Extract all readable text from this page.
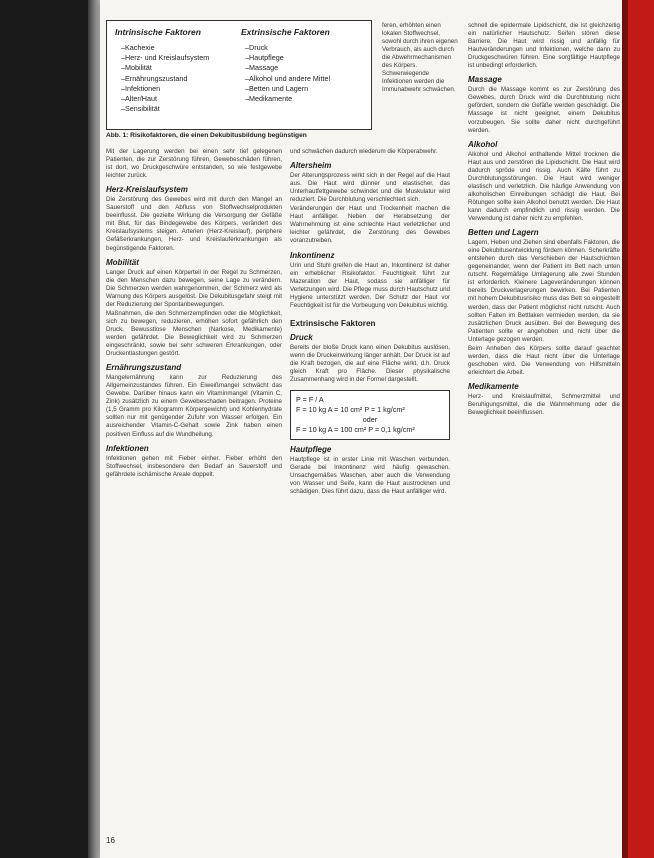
Intrinsische Faktoren
– Kachexie
– Herz- und Kreislaufsystem
– Mobilität
– Ernährungszustand
– Infektionen
– Alter/Haut
– Sensibilität
Extrinsische Faktoren
– Druck
– Hautpflege
– Massage
– Alkohol und andere Mittel
– Betten und Lagern
– Medikamente
Abb. 1: Risikofaktoren, die einen Dekubitusbildung begünstigen
feren, erhöhten einen lokalen Stoffwechsel, sowohl durch ihren eigenen Verbrauch, als auch durch die Abwehrmechanismen des Körpers. Schwerwiegende Infektionen werden die Immunabwehr schwächen.

Mit der Lagerung werden bei einen sehr tief gelegenen Patienten, die zur Zerstörung führen, Gewebeschäden führen, ist dort, wo Druckgeschwüre entstanden, so wie festgewebe leichter zurück.

Herz-Kreislaufsystem

Die Zerstörung des Gewebes wird mit durch den Mangel an Sauerstoff und den Abfluss von Stoffwechselprodukten beeinflusst. Die gezielte Wirkung die Versorgung der Gefäße mit Blut, für das Bindegewebe des Körpers, verändert des Kreislaufsystems steigen. Arterien (Herz-Kreislauf), periphere Gefäßerkrankungen, Herz- und Kreislauferkrankungen als begünstigende Faktoren.

Mobilität

Langer Druck auf einen Körperteil in der Regel zu Schmerzen, die den Menschen dazu bewegen, seine Lage zu verändern. Die Schmerzen werden wahrgenommen, der Schmerz wird als Warnung des Körpers ausgelöst. Die Dekubitusgefahr steigt mit der Reduzierung der Spontanbewegungen.

Maßnahmen, die den Schmerzempfinden oder die Möglichkeit, sich zu bewegen, reduzieren, erhöhen sofort gefährlich den Druck. Bewusstlose Menschen (Narkose, Medikamente) werden gefährdet. Die Beweglichkeit wird zu Schmerzen eingeschränkt, sowie bei sehr schweren Erkrankungen, oder Druckentlastungen gestört.

Ernährungszustand

Mangelernährung kann zur Reduzierung des Allgemeinzustandes führen. Ein Eiweißmangel schwächt das Gewebe. Darüber hinaus kann ein Vitaminmangel (Vitamin C, Zink) zusätzlich zu einem Gewebeschaden beitragen. Proteine (1,5 Gramm pro Kilogramm Körpergewicht) und Kohlenhydrate sollten nur mit genügender Zufuhr von Wasser erfolgen. Ein ausreichender Vitamin-C-Gehalt sowie Zink haben einen positiven Einfluss auf die Wundheilung.

Infektionen

Infektionen gehen mit Fieber einher. Fieber erhöht den Stoffwechsel, insbesondere den Bedarf an Sauerstoff und gefährdete ischämische Areale doppelt.

und schwächen dadurch wiederum die Körperabwehr.

Altersheim

Der Alterungsprozess wirkt sich in der Regel auf die Haut aus. Die Haut wird dünner und elastischer, das Unterhautfettgewebe schwindet und die Muskulatur wird reduziert. Die Durchblutung verschlechtert sich.

Veränderungen der Haut und Trockenheit machen die Haut anfälliger. Neben der Herabsetzung der Wahrnehmung ist eine schlechte Haut verletzlicher und leichter gefährdet, die Zerstörung des Gewebes voranzutreiben.

Inkontinenz

Urin und Stuhl greifen die Haut an, Inkontinenz ist daher ein erheblicher Risikofaktor. Feuchtigkeit führt zur Mazeration der Haut, sodass sie anfälliger für Verletzungen wird. Die Pflege muss durch Hautschutz und Hygiene unterstützt werden. Der Schutz der Haut vor Feuchtigkeit ist für die Vorbeugung von Dekubitus wichtig.

Extrinsische Faktoren
Druck

Bereits der bloße Druck kann einen Dekubitus auslösen, wenn die Druckeinwirkung länger anhält. Der Druck ist auf die Kraft bezogen, die auf eine Fläche wirkt, d.h. Druck gleich Kraft pro Fläche. Dieser physikalische Zusammenhang wird in der Formel dargestellt.

P = F / A
F = 10 kg A = 10 cm² P = 1 kg/cm²
oder
F = 10 kg A = 100 cm² P = 0,1 kg/cm²
Hautpflege

Hautpflege ist in erster Linie mit Waschen verbunden. Gerade bei Inkontinenz wird häufig gewaschen. Unsachgemäßes Waschen, aber auch die Verwendung von Wasser und Seife, kann die Haut austrocknen und schädigen. Dies führt dazu, dass die Haut anfälliger wird.

schnell die epidermale Lipidschicht, die ist gleichzeitig ein natürlicher Hautschutz. Seifen stören diese Barriere. Die Haut wird rissig und anfällig für Hautveränderungen und Infektionen, welche dann zu Druckgeschwüren führen. Eine sorgfältige Hautpflege ist unbedingt erforderlich.

Massage

Durch die Massage kommt es zur Zerstörung des Gewebes, durch Druck wird die Durchblutung nicht gefördert, sondern die Gefäße werden geschädigt. Die Massage ist nicht geeignet, einem Dekubitus vorzubeugen. Sie sollte daher nicht durchgeführt werden.

Alkohol

Alkohol und Alkohol enthaltende Mittel trocknen die Haut aus und zerstören die Lipidschicht. Die Haut wird dadurch spröde und rissig. Auch Kälte führt zu Durchblutungsstörungen. Die Haut wird weniger elastisch und verletzlich. Die häufige Anwendung von alkoholischen Einreibungen schädigt die Haut. Bei Rötungen sollte kein Alkohol benutzt werden. Die Haut kann dadurch empfindlich und rissig werden. Die Verwendung ist daher nicht zu empfehlen.

Betten und Lagern

Lagern, Heben und Ziehen sind ebenfalls Faktoren, die eine Dekubitusentwicklung fördern können. Scherkräfte entstehen durch das Verschieben der Hautschichten gegeneinander, wenn der Patient im Bett nach unten rutscht. Regelmäßige Umlagerung alle zwei Stunden ist erforderlich. Kleinere Lageveränderungen können bereits Druckverlagerungen bewirken. Bei Patienten mit hohem Dekubitusrisiko muss das Bett so eingestellt werden, dass der Patient möglichst nicht rutscht. Auch sollten Falten im Bettlaken vermieden werden, da sie zusätzlichen Druck ausüben. Bei der Bewegung des Patienten sollte er angehoben und nicht über die Unterlage gezogen werden.

Beim Anheben des Körpers sollte darauf geachtet werden, dass die Haut nicht über die Unterlage geschoben wird. Die Verwendung von Hilfsmitteln erleichtert die Arbeit.

Medikamente

Herz- und Kreislaufmittel, Schmerzmittel und Beruhigungsmittel, die die Wahrnehmung oder die Beweglichkeit beeinflussen.

16
